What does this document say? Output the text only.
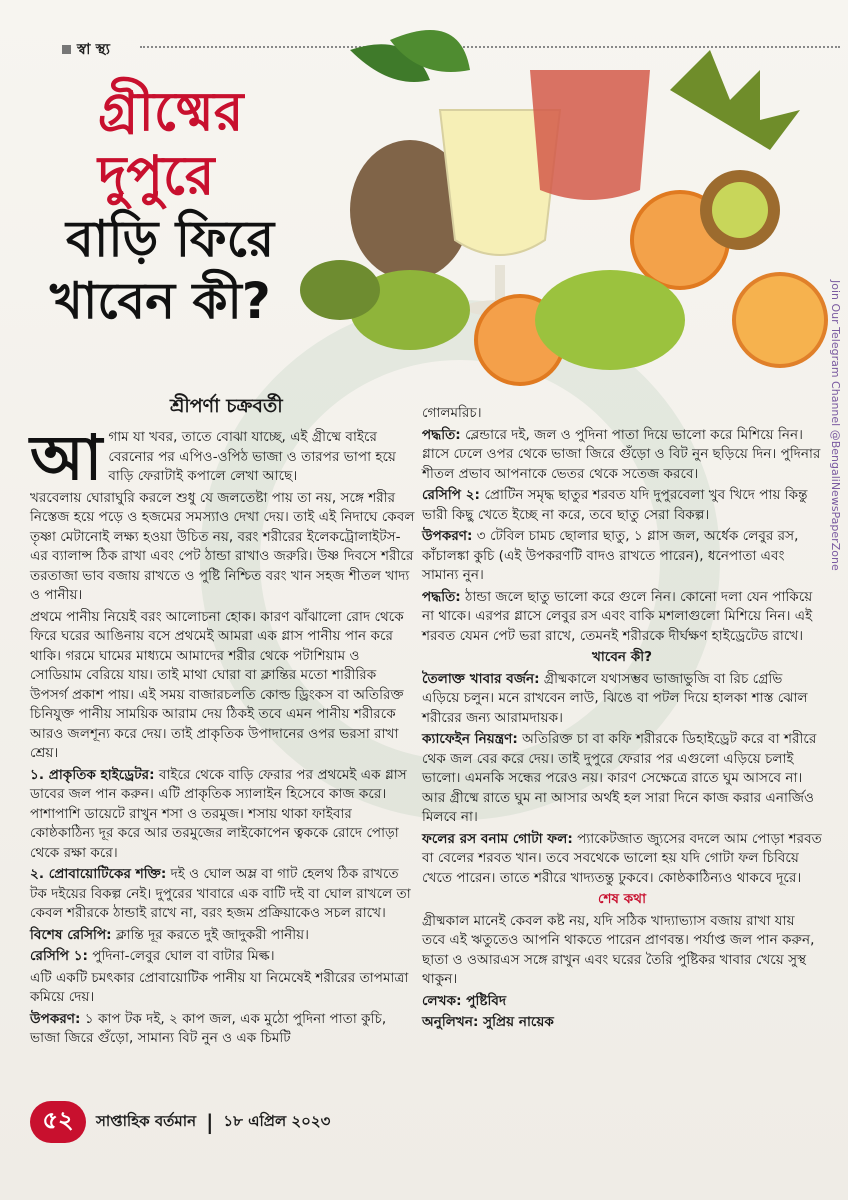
স্বা স্থ্য
গ্রীষ্মের
দুপুরে
বাড়ি ফিরে
খাবেন কী?
শ্রীপর্ণা চক্রবর্তী

আগাম যা খবর, তাতে বোঝা যাচ্ছে, এই গ্রীষ্মে বাইরে বেরনোর পর এপিও-ওপিঠ ভাজা ও তারপর ভাপা হয়ে বাড়ি ফেরাটাই কপালে লেখা আছে।

খরবেলায় ঘোরাঘুরি করলে শুধু যে জলতেষ্টা পায় তা নয়, সঙ্গে শরীর নিস্তেজ হয়ে পড়ে ও হজমের সমস্যাও দেখা দেয়। তাই এই নিদাঘে কেবল তৃষ্ণা মেটানোই লক্ষ্য হওয়া উচিত নয়, বরং শরীরের ইলেকট্রোলাইটস-এর ব্যালান্স ঠিক রাখা এবং পেট ঠান্ডা রাখাও জরুরি। উষ্ণ দিবসে শরীরে তরতাজা ভাব বজায় রাখতে ও পুষ্টি নিশ্চিত বরং খান সহজ শীতল খাদ্য ও পানীয়।

প্রথমে পানীয় নিয়েই বরং আলোচনা হোক। কারণ ঝাঁঝালো রোদ থেকে ফিরে ঘরের আঙিনায় বসে প্রথমেই আমরা এক গ্লাস পানীয় পান করে থাকি। গরমে ঘামের মাধ্যমে আমাদের শরীর থেকে পটাশিয়াম ও সোডিয়াম বেরিয়ে যায়। তাই মাথা ঘোরা বা ক্লান্তির মতো শারীরিক উপসর্গ প্রকাশ পায়। এই সময় বাজারচলতি কোল্ড ড্রিংকস বা অতিরিক্ত চিনিযুক্ত পানীয় সাময়িক আরাম দেয় ঠিকই তবে এমন পানীয় শরীরকে আরও জলশূন্য করে দেয়। তাই প্রাকৃতিক উপাদানের ওপর ভরসা রাখা শ্রেয়।

১. প্রাকৃতিক হাইড্রেটর: বাইরে থেকে বাড়ি ফেরার পর প্রথমেই এক গ্লাস ডাবের জল পান করুন। এটি প্রাকৃতিক স্যালাইন হিসেবে কাজ করে। পাশাপাশি ডায়েটে রাখুন শসা ও তরমুজ। শসায় থাকা ফাইবার কোষ্ঠকাঠিন্য দূর করে আর তরমুজের লাইকোপেন ত্বককে রোদে পোড়া থেকে রক্ষা করে।

২. প্রোবায়োটিকের শক্তি: দই ও ঘোল অম্ল বা গাট হেলথ ঠিক রাখতে টক দইয়ের বিকল্প নেই। দুপুরের খাবারে এক বাটি দই বা ঘোল রাখলে তা কেবল শরীরকে ঠান্ডাই রাখে না, বরং হজম প্রক্রিয়াকেও সচল রাখে।

বিশেষ রেসিপি: ক্লান্তি দূর করতে দুই জাদুকরী পানীয়।

রেসিপি ১: পুদিনা-লেবুর ঘোল বা বাটার মিল্ক।

এটি একটি চমৎকার প্রোবায়োটিক পানীয় যা নিমেষেই শরীরের তাপমাত্রা কমিয়ে দেয়।

উপকরণ: ১ কাপ টক দই, ২ কাপ জল, এক মুঠো পুদিনা পাতা কুচি, ভাজা জিরে গুঁড়ো, সামান্য বিট নুন ও এক চিমটি

গোলমরিচ।

পদ্ধতি: ব্লেন্ডারে দই, জল ও পুদিনা পাতা দিয়ে ভালো করে মিশিয়ে নিন। গ্লাসে ঢেলে ওপর থেকে ভাজা জিরে গুঁড়ো ও বিট নুন ছড়িয়ে দিন। পুদিনার শীতল প্রভাব আপনাকে ভেতর থেকে সতেজ করবে।

রেসিপি ২: প্রোটিন সমৃদ্ধ ছাতুর শরবত যদি দুপুরবেলা খুব খিদে পায় কিন্তু ভারী কিছু খেতে ইচ্ছে না করে, তবে ছাতু সেরা বিকল্প।

উপকরণ: ৩ টেবিল চামচ ছোলার ছাতু, ১ গ্লাস জল, অর্ধেক লেবুর রস, কাঁচালঙ্কা কুচি (এই উপকরণটি বাদও রাখতে পারেন), ধনেপাতা এবং সামান্য নুন।

পদ্ধতি: ঠান্ডা জলে ছাতু ভালো করে গুলে নিন। কোনো দলা যেন পাকিয়ে না থাকে। এরপর গ্লাসে লেবুর রস এবং বাকি মশলাগুলো মিশিয়ে নিন। এই শরবত যেমন পেট ভরা রাখে, তেমনই শরীরকে দীর্ঘক্ষণ হাইড্রেটেড রাখে।

খাবেন কী?

তৈলাক্ত খাবার বর্জন: গ্রীষ্মকালে যথাসম্ভব ভাজাভুজি বা রিচ গ্রেভি এড়িয়ে চলুন। মনে রাখবেন লাউ, ঝিঙে বা পটল দিয়ে হালকা শাস্ত ঝোল শরীরের জন্য আরামদায়ক।

ক্যাফেইন নিয়ন্ত্রণ: অতিরিক্ত চা বা কফি শরীরকে ডিহাইড্রেট করে বা শরীরে থেক জল বের করে দেয়। তাই দুপুরে ফেরার পর এগুলো এড়িয়ে চলাই ভালো। এমনকি সন্ধের পরেও নয়। কারণ সেক্ষেত্রে রাতে ঘুম আসবে না। আর গ্রীষ্মে রাতে ঘুম না আসার অর্থই হল সারা দিনে কাজ করার এনার্জিও মিলবে না।

ফলের রস বনাম গোটা ফল: প্যাকেটজাত জ্যুসের বদলে আম পোড়া শরবত বা বেলের শরবত খান। তবে সবথেকে ভালো হয় যদি গোটা ফল চিবিয়ে খেতে পারেন। তাতে শরীরে খাদ্যতন্তু ঢুকবে। কোষ্ঠকাঠিন্যও থাকবে দূরে।

শেষ কথা

গ্রীষ্মকাল মানেই কেবল কষ্ট নয়, যদি সঠিক খাদ্যাভ্যাস বজায় রাখা যায় তবে এই ঋতুতেও আপনি থাকতে পারেন প্রাণবন্ত। পর্যাপ্ত জল পান করুন, ছাতা ও ওআরএস সঙ্গে রাখুন এবং ঘরের তৈরি পুষ্টিকর খাবার খেয়ে সুস্থ থাকুন।

লেখক: পুষ্টিবিদ

অনুলিখন: সুপ্রিয় নায়েক

৫২	সাপ্তাহিক বর্তমান | ১৮ এপ্রিল ২০২৩
Join Our Telegram Channel @BengaliNewsPaperZone
